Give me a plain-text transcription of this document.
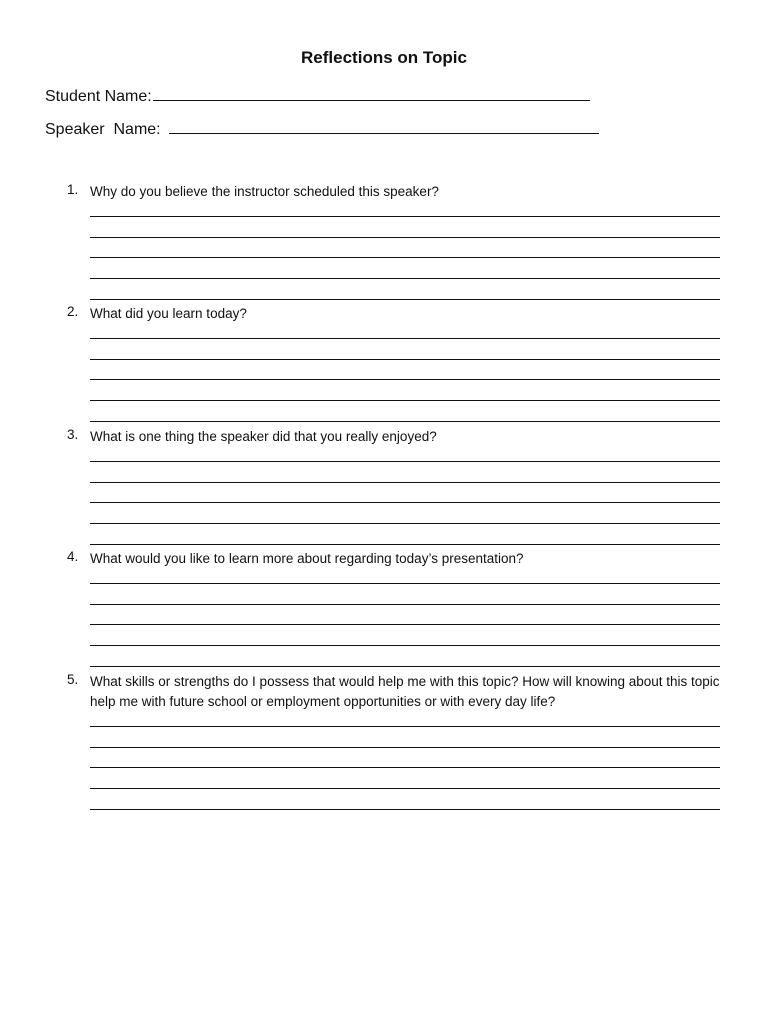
Reflections on Topic
Student Name:
Speaker  Name:
1. Why do you believe the instructor scheduled this speaker?
2. What did you learn today?
3. What is one thing the speaker did that you really enjoyed?
4. What would you like to learn more about regarding today’s presentation?
5. What skills or strengths do I possess that would help me with this topic? How will knowing about this topic help me with future school or employment opportunities or with every day life?
